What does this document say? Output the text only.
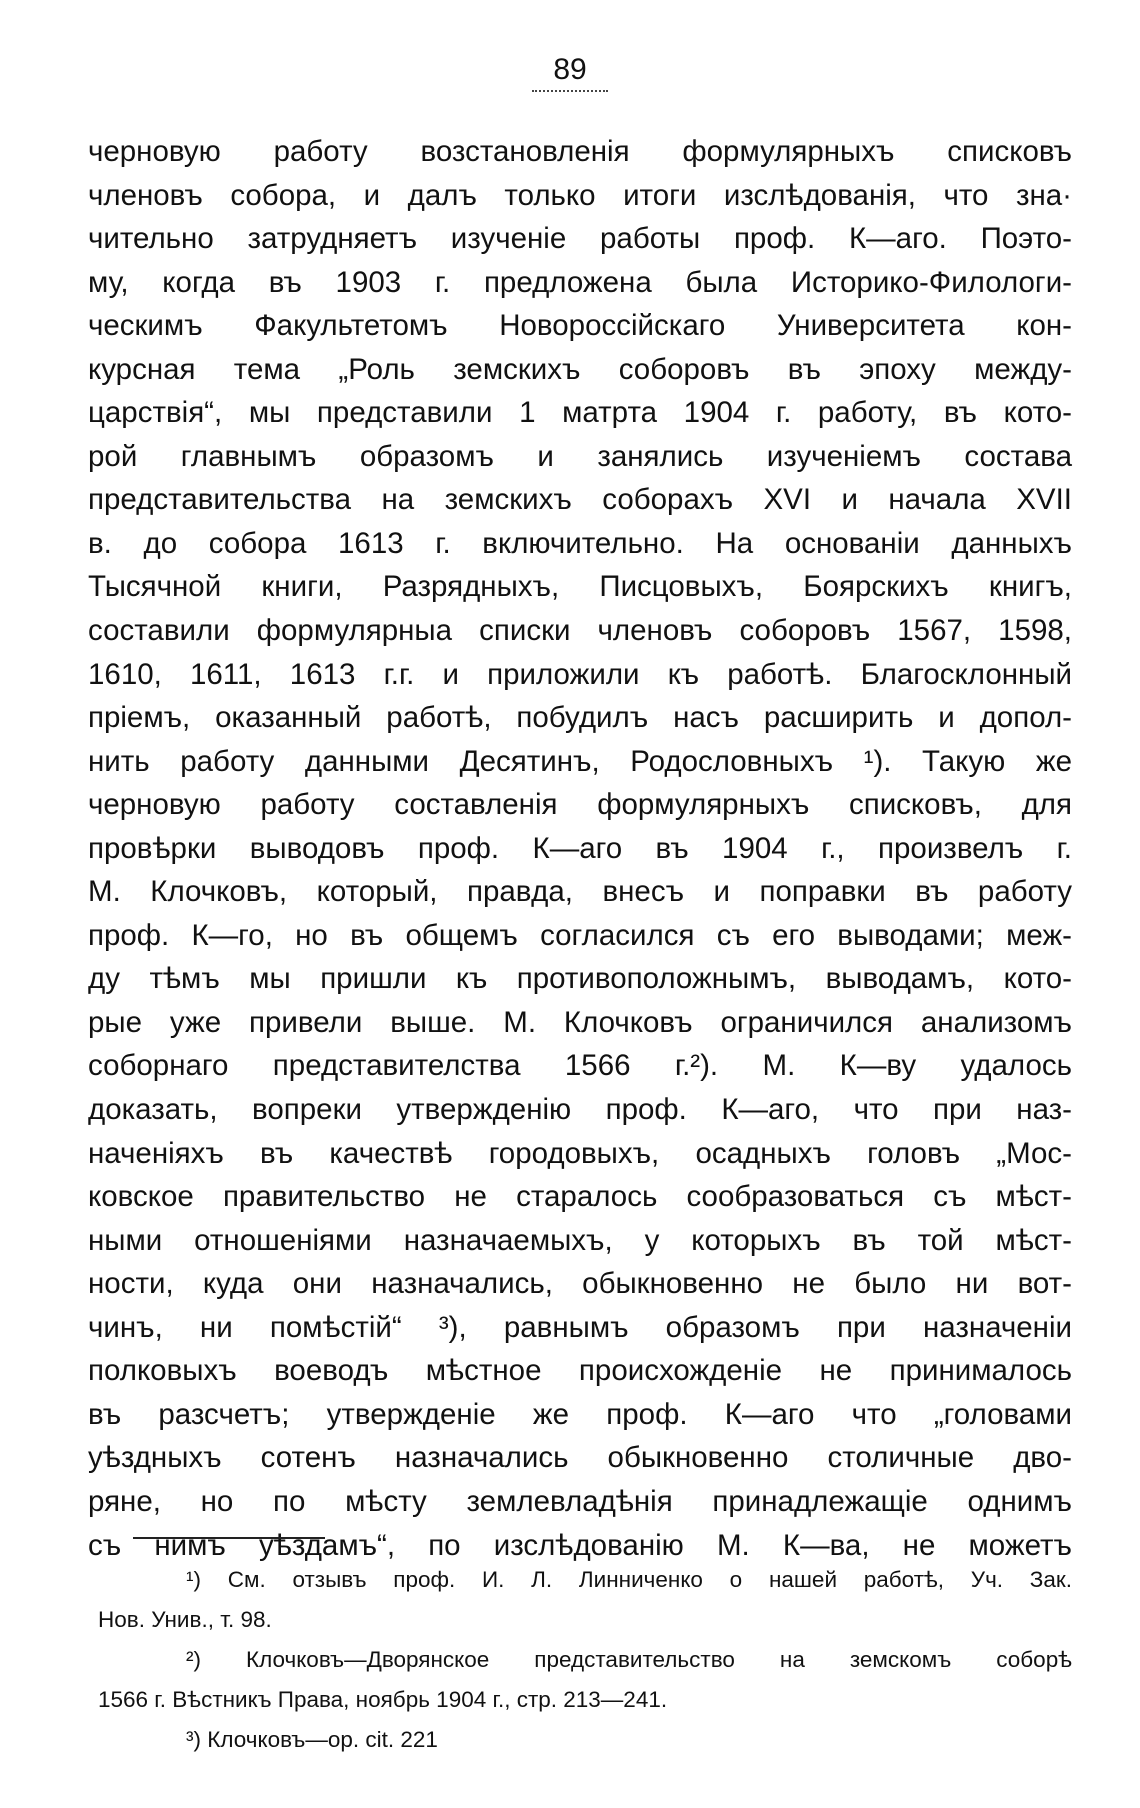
89
черновую работу возстановленія формулярныхъ списковъ
членовъ собора, и далъ только итоги изслѣдованія, что зна·
чительно затрудняетъ изученіе работы проф. К—аго. Поэто-
му, когда въ 1903 г. предложена была Историко-Филологи-
ческимъ Факультетомъ Новороссійскаго Университета кон-
курсная тема „Роль земскихъ соборовъ въ эпоху между-
царствія“, мы представили 1 матрта 1904 г. работу, въ кото-
рой главнымъ образомъ и занялись изученіемъ состава
представительства на земскихъ соборахъ XVI и начала XVII
в. до собора 1613 г. включительно. На основаніи данныхъ
Тысячной книги, Разрядныхъ, Писцовыхъ, Боярскихъ книгъ,
составили формулярныа списки членовъ соборовъ 1567, 1598,
1610, 1611, 1613 г.г. и приложили къ работѣ. Благосклонный
пріемъ, оказанный работѣ, побудилъ насъ расширить и допол-
нить работу данными Десятинъ, Родословныхъ ¹). Такую же
черновую работу составленія формулярныхъ списковъ, для
провѣрки выводовъ проф. К—аго въ 1904 г., произвелъ г.
М. Клочковъ, который, правда, внесъ и поправки въ работу
проф. К—го, но въ общемъ согласился съ его выводами; меж-
ду тѣмъ мы пришли къ противоположнымъ, выводамъ, кото-
рые уже привели выше. М. Клочковъ ограничился анализомъ
соборнаго представителства 1566 г.²). М. К—ву удалось
доказать, вопреки утвержденію проф. К—аго, что при наз-
наченіяхъ въ качествѣ городовыхъ, осадныхъ головъ „Мос-
ковское правительство не старалось сообразоваться съ мѣст-
ными отношеніями назначаемыхъ, у которыхъ въ той мѣст-
ности, куда они назначались, обыкновенно не было ни вот-
чинъ, ни помѣстій“ ³), равнымъ образомъ при назначеніи
полковыхъ воеводъ мѣстное происхожденіе не принималось
въ разсчетъ; утвержденіе же проф. К—аго что „головами
уѣздныхъ сотенъ назначались обыкновенно столичные дво-
ряне, но по мѣсту землевладѣнія принадлежащіе однимъ
съ нимъ уѣздамъ“, по изслѣдованію М. К—ва, не можетъ
¹) См. отзывъ проф. И. Л. Линниченко о нашей работѣ, Уч. Зак.
Нов. Унив., т. 98.
²) Клочковъ—Дворянское представительство на земскомъ соборѣ
1566 г. Вѣстникъ Права, ноябрь 1904 г., стр. 213—241.
³) Клочковъ—op. cit. 221
